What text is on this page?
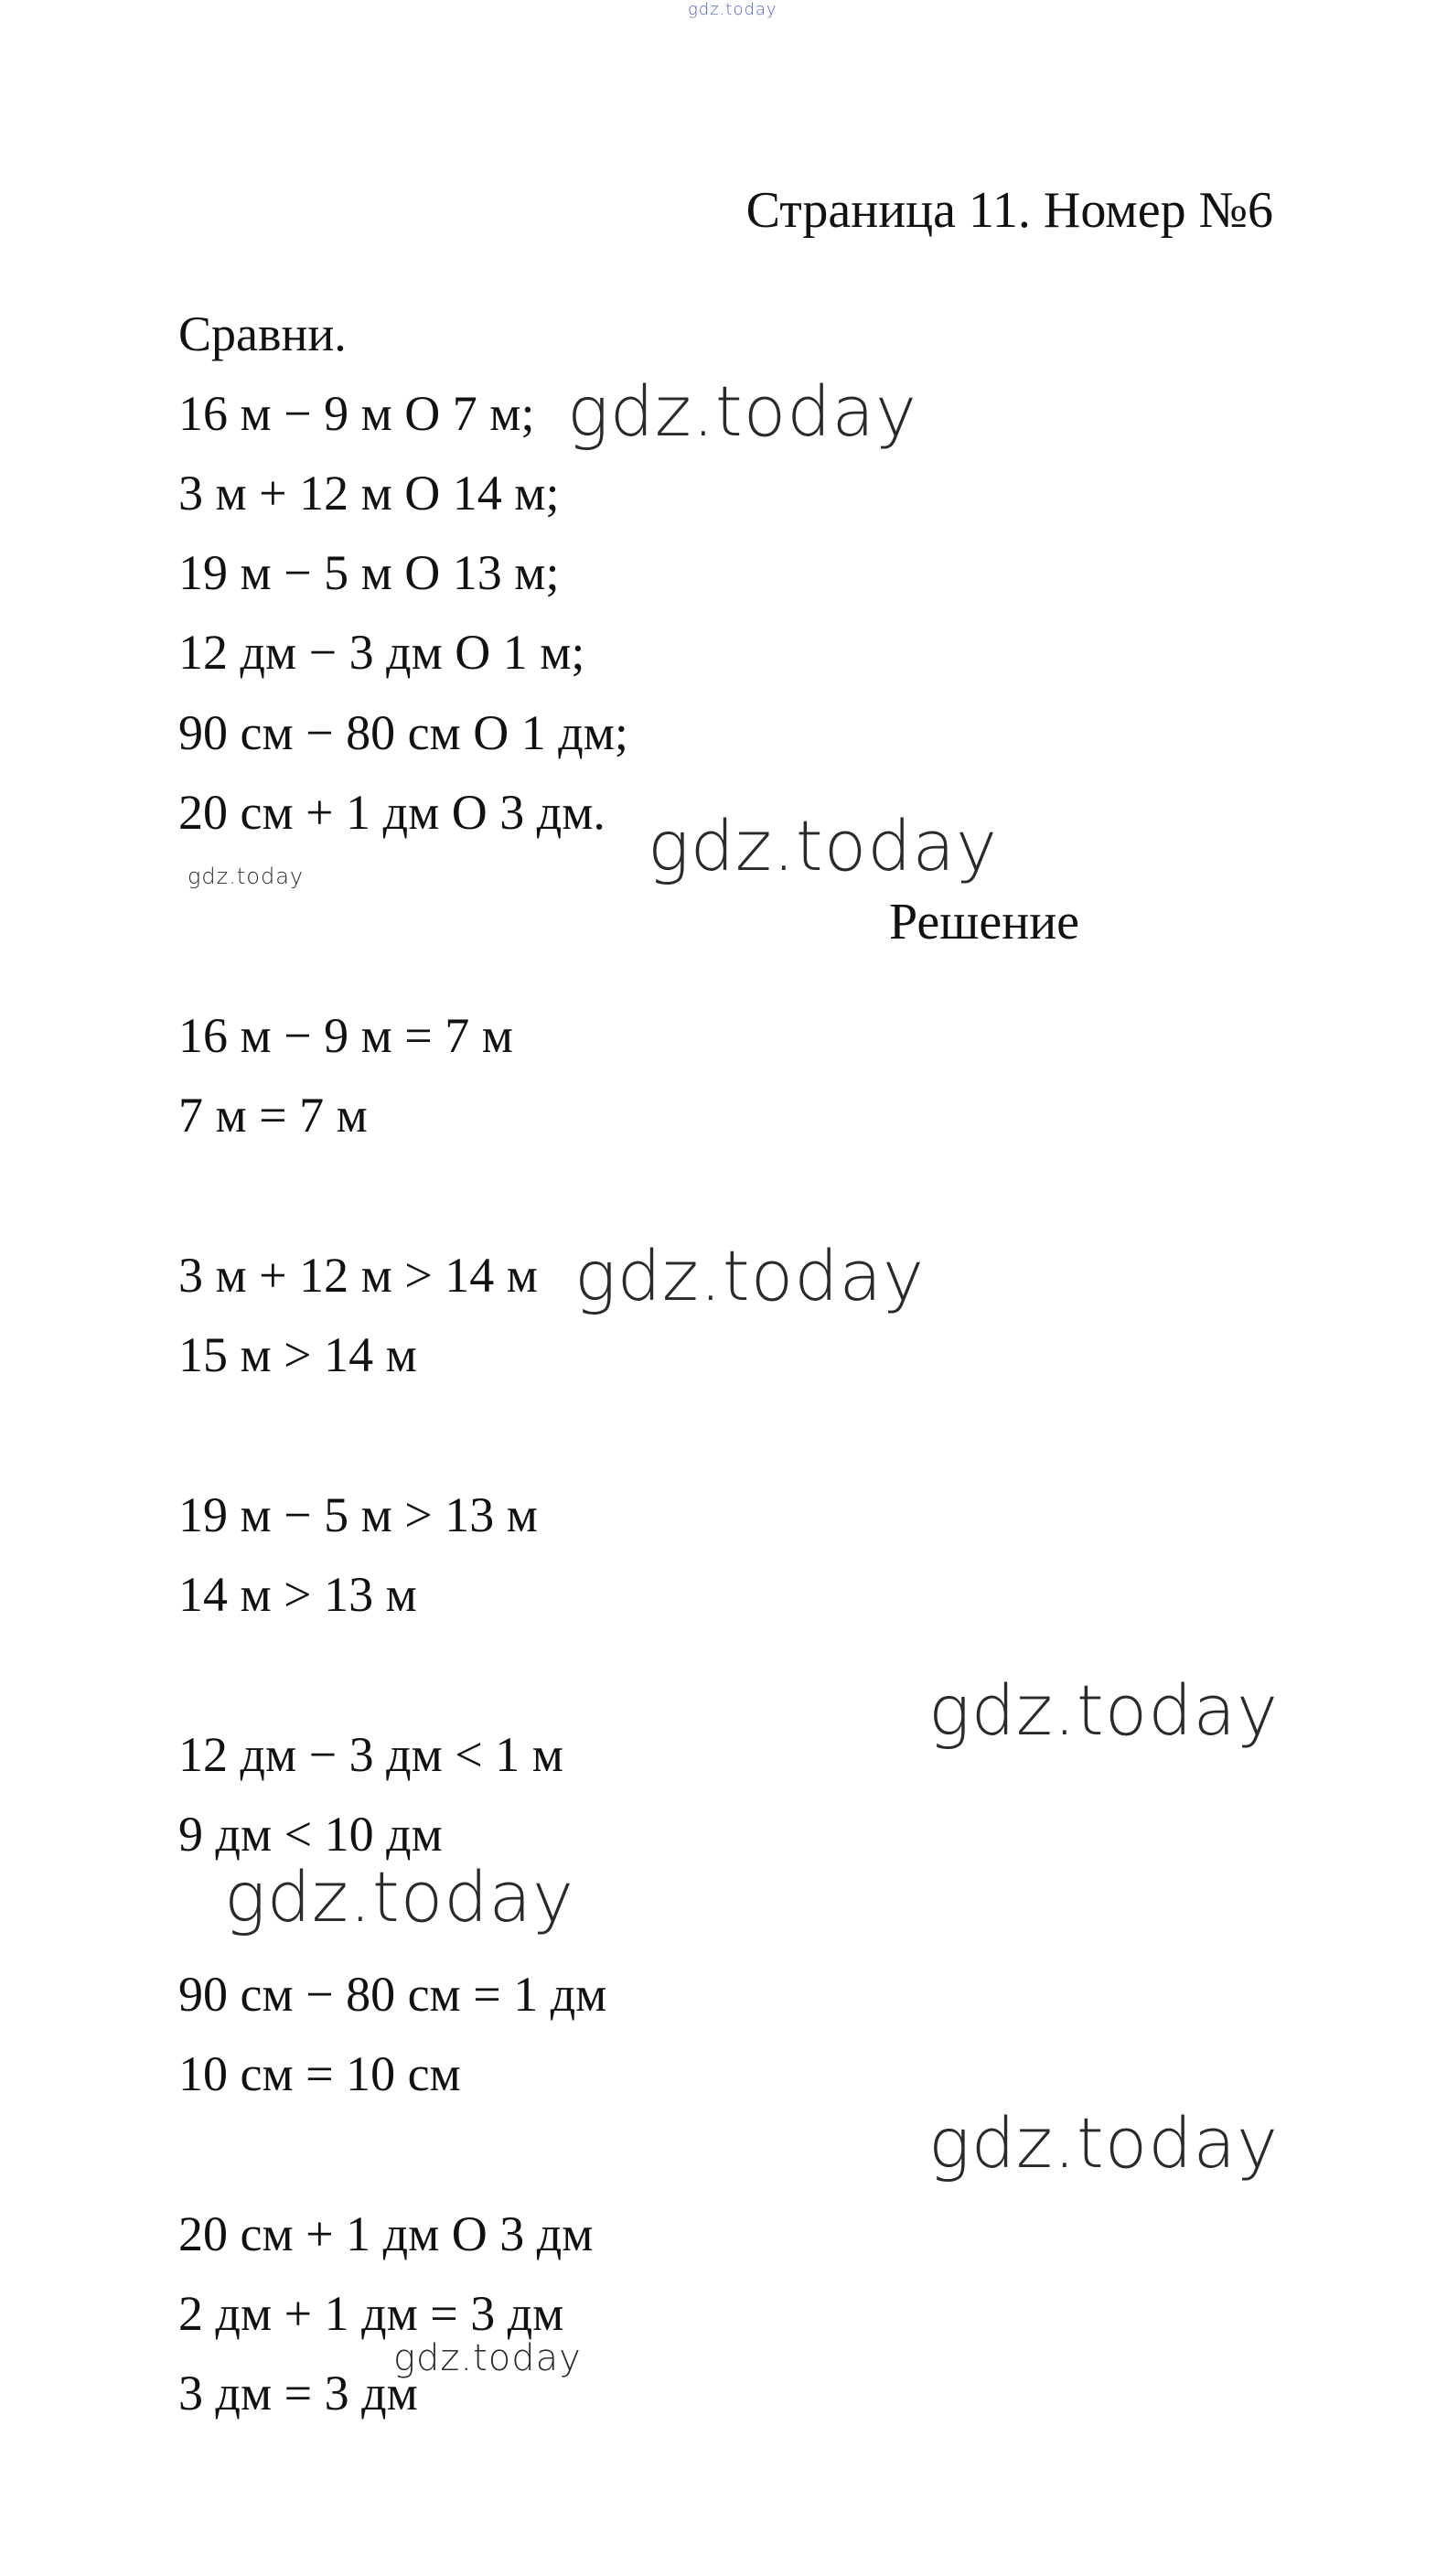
gdz.today
Страница 11. Номер №6
Сравни.
16 м − 9 м О 7 м;
3 м + 12 м О 14 м;
19 м − 5 м О 13 м;
12 дм − 3 дм О 1 м;
90 см − 80 см О 1 дм;
20 см + 1 дм О 3 дм.
Решение
16 м − 9 м = 7 м
7 м = 7 м
3 м + 12 м > 14 м
15 м > 14 м
19 м − 5 м > 13 м
14 м > 13 м
12 дм − 3 дм < 1 м
9 дм < 10 дм
90 см − 80 см = 1 дм
10 см = 10 см
20 см + 1 дм О 3 дм
2 дм + 1 дм = 3 дм
3 дм = 3 дм
gdz.today
gdz.today
gdz.today
gdz.today
gdz.today
gdz.today
gdz.today
gdz.today
